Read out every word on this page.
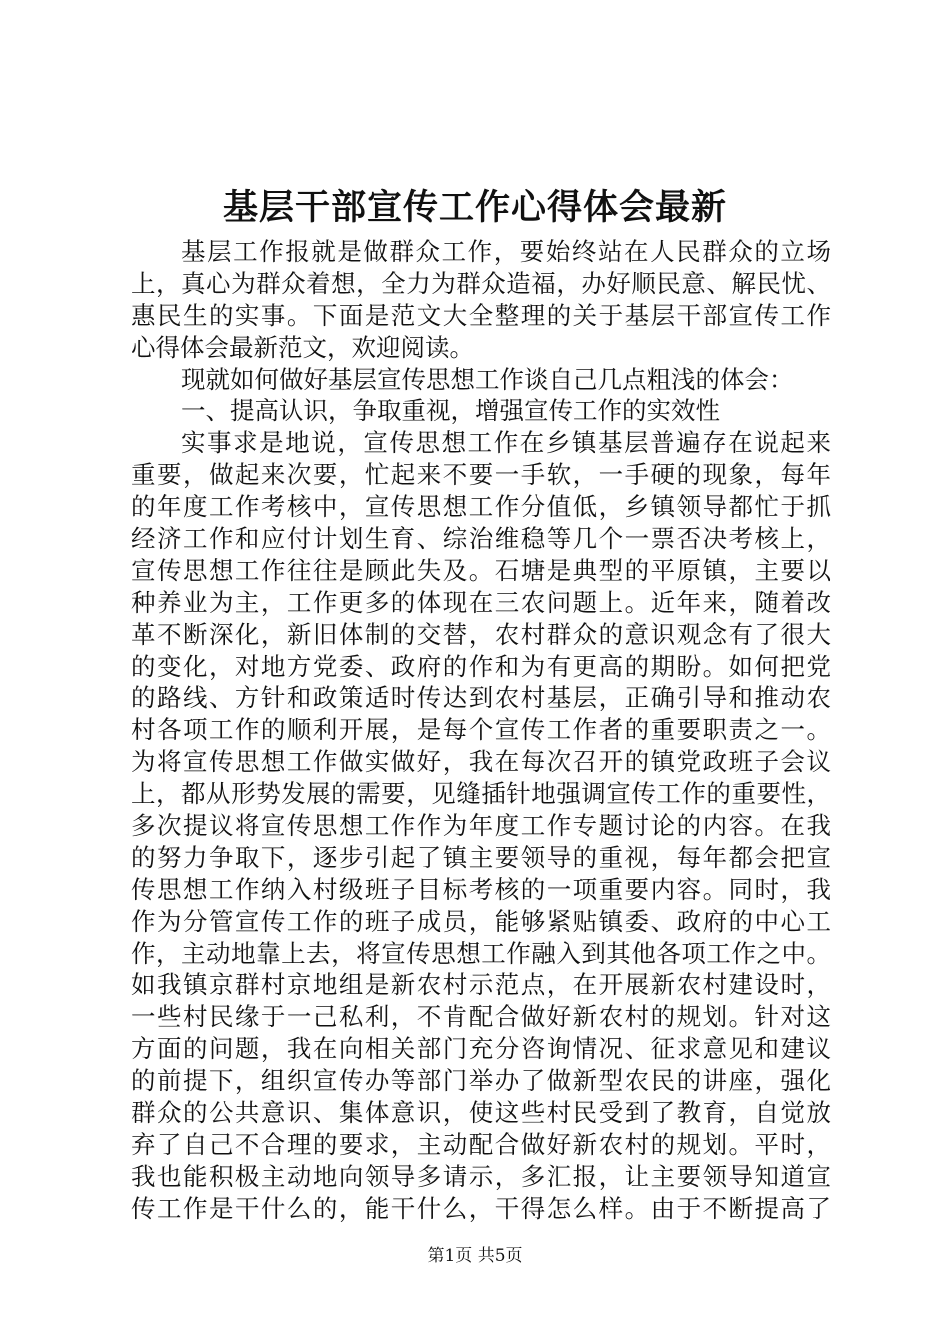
基层干部宣传工作心得体会最新
基层工作报就是做群众工作，要始终站在人民群众的立场
上，真心为群众着想，全力为群众造福，办好顺民意、解民忧、
惠民生的实事。下面是范文大全整理的关于基层干部宣传工作
心得体会最新范文，欢迎阅读。
现就如何做好基层宣传思想工作谈自己几点粗浅的体会：
一、提高认识，争取重视，增强宣传工作的实效性
实事求是地说，宣传思想工作在乡镇基层普遍存在说起来
重要，做起来次要，忙起来不要一手软，一手硬的现象，每年
的年度工作考核中，宣传思想工作分值低，乡镇领导都忙于抓
经济工作和应付计划生育、综治维稳等几个一票否决考核上，
宣传思想工作往往是顾此失及。石塘是典型的平原镇，主要以
种养业为主，工作更多的体现在三农问题上。近年来，随着改
革不断深化，新旧体制的交替，农村群众的意识观念有了很大
的变化，对地方党委、政府的作和为有更高的期盼。如何把党
的路线、方针和政策适时传达到农村基层，正确引导和推动农
村各项工作的顺利开展，是每个宣传工作者的重要职责之一。
为将宣传思想工作做实做好，我在每次召开的镇党政班子会议
上，都从形势发展的需要，见缝插针地强调宣传工作的重要性，
多次提议将宣传思想工作作为年度工作专题讨论的内容。在我
的努力争取下，逐步引起了镇主要领导的重视，每年都会把宣
传思想工作纳入村级班子目标考核的一项重要内容。同时，我
作为分管宣传工作的班子成员，能够紧贴镇委、政府的中心工
作，主动地靠上去，将宣传思想工作融入到其他各项工作之中。
如我镇京群村京地组是新农村示范点，在开展新农村建设时，
一些村民缘于一己私利，不肯配合做好新农村的规划。针对这
方面的问题，我在向相关部门充分咨询情况、征求意见和建议
的前提下，组织宣传办等部门举办了做新型农民的讲座，强化
群众的公共意识、集体意识，使这些村民受到了教育，自觉放
弃了自己不合理的要求，主动配合做好新农村的规划。平时，
我也能积极主动地向领导多请示，多汇报，让主要领导知道宣
传工作是干什么的，能干什么，干得怎么样。由于不断提高了
第1页 共5页
